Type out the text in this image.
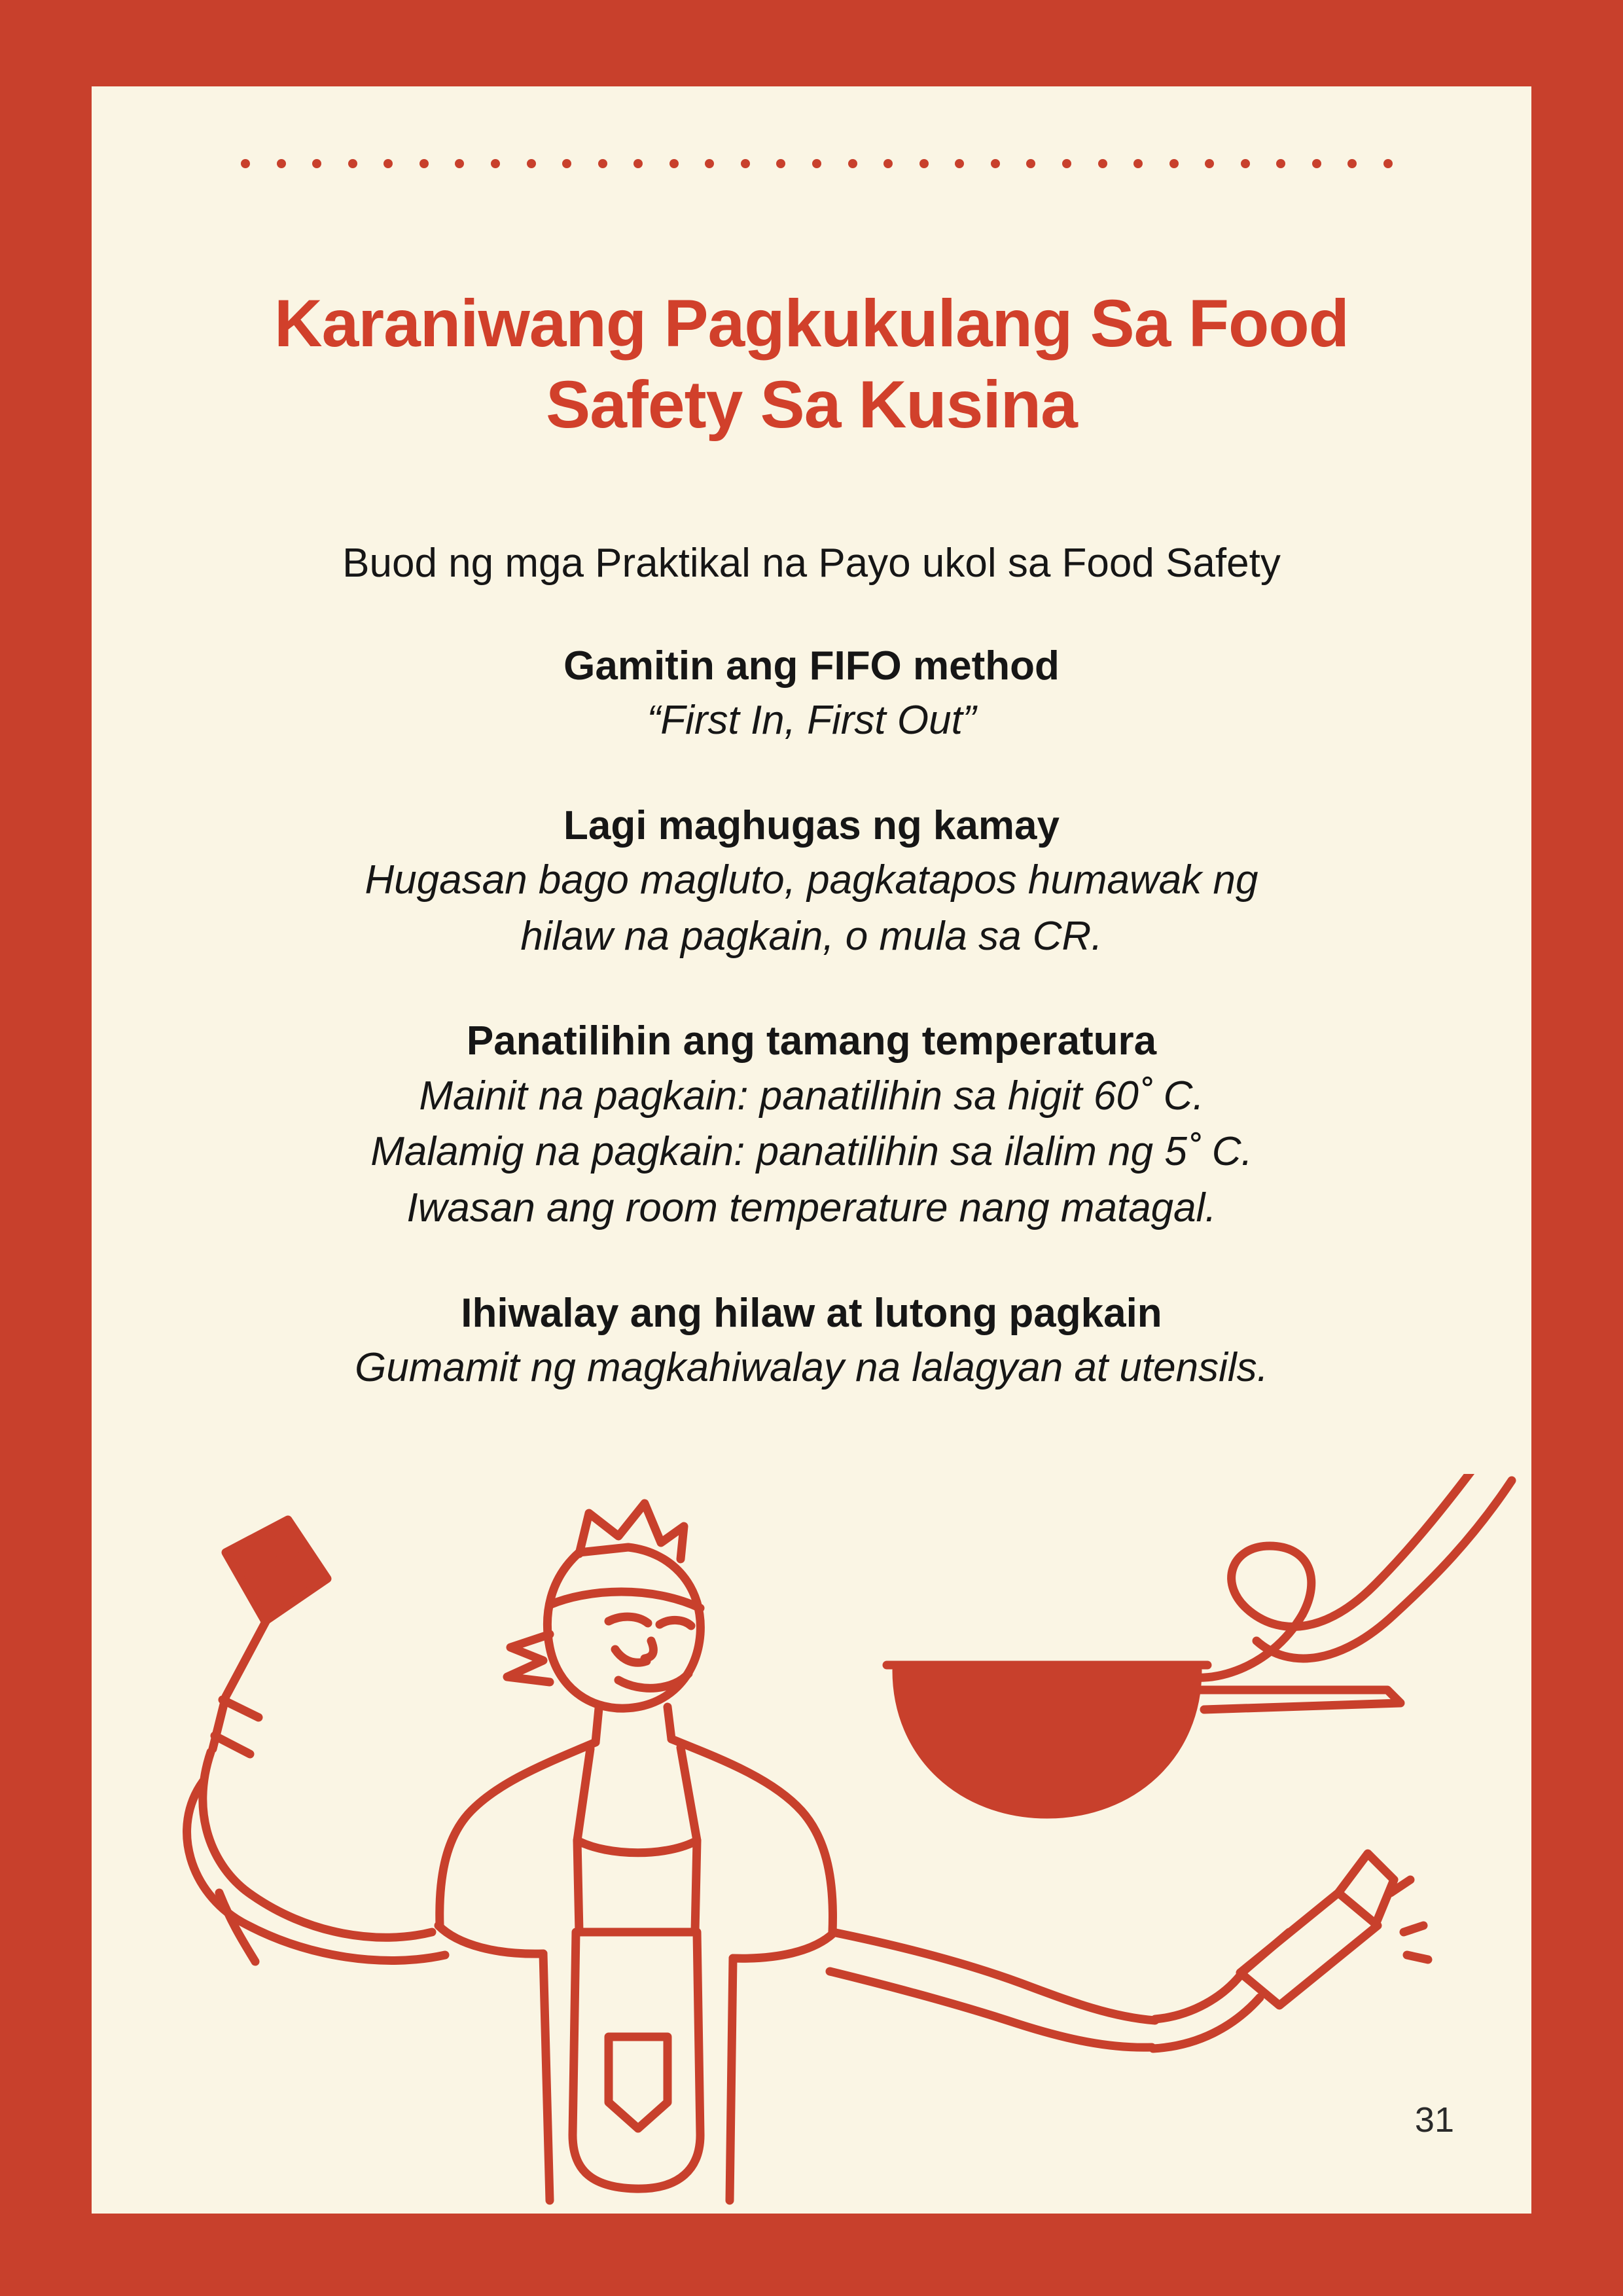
Karaniwang Pagkukulang Sa Food
Safety Sa Kusina
Buod ng mga Praktikal na Payo ukol sa Food Safety
Gamitin ang FIFO method
“First In, First Out”
Lagi maghugas ng kamay
Hugasan bago magluto, pagkatapos humawak ng
hilaw na pagkain, o mula sa CR.
Panatilihin ang tamang temperatura
Mainit na pagkain: panatilihin sa higit 60˚ C.
Malamig na pagkain: panatilihin sa ilalim ng 5˚ C.
Iwasan ang room temperature nang matagal.
Ihiwalay ang hilaw at lutong pagkain
Gumamit ng magkahiwalay na lalagyan at utensils.
31
